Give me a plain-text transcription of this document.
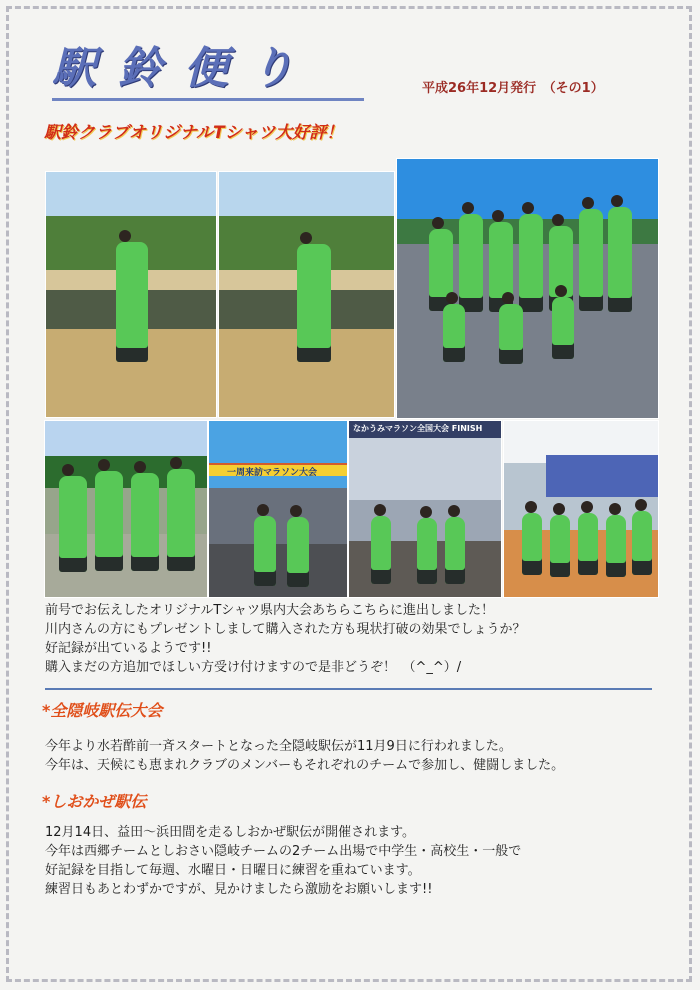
駅鈴便り	平成26年12月発行　（その1）
駅鈴クラブオリジナルTシャツ大好評！
一周来訪マラソン大会
なかうみマラソン全国大会 FINISH
前号でお伝えしたオリジナルTシャツ県内大会あちらこちらに進出しました！
川内さんの方にもプレゼントしまして購入された方も現状打破の効果でしょうか？
好記録が出ているようです!!
購入まだの方追加でほしい方受け付けますので是非どうぞ！　（^_^）/
*全隠岐駅伝大会
今年より水若酢前一斉スタートとなった全隠岐駅伝が11月9日に行われました。
今年は、天候にも恵まれクラブのメンバーもそれぞれのチームで参加し、健闘しました。
*しおかぜ駅伝
12月14日、益田～浜田間を走るしおかぜ駅伝が開催されます。
今年は西郷チームとしおさい隠岐チームの2チーム出場で中学生・高校生・一般で
好記録を目指して毎週、水曜日・日曜日に練習を重ねています。
練習日もあとわずかですが、見かけましたら激励をお願いします!!
